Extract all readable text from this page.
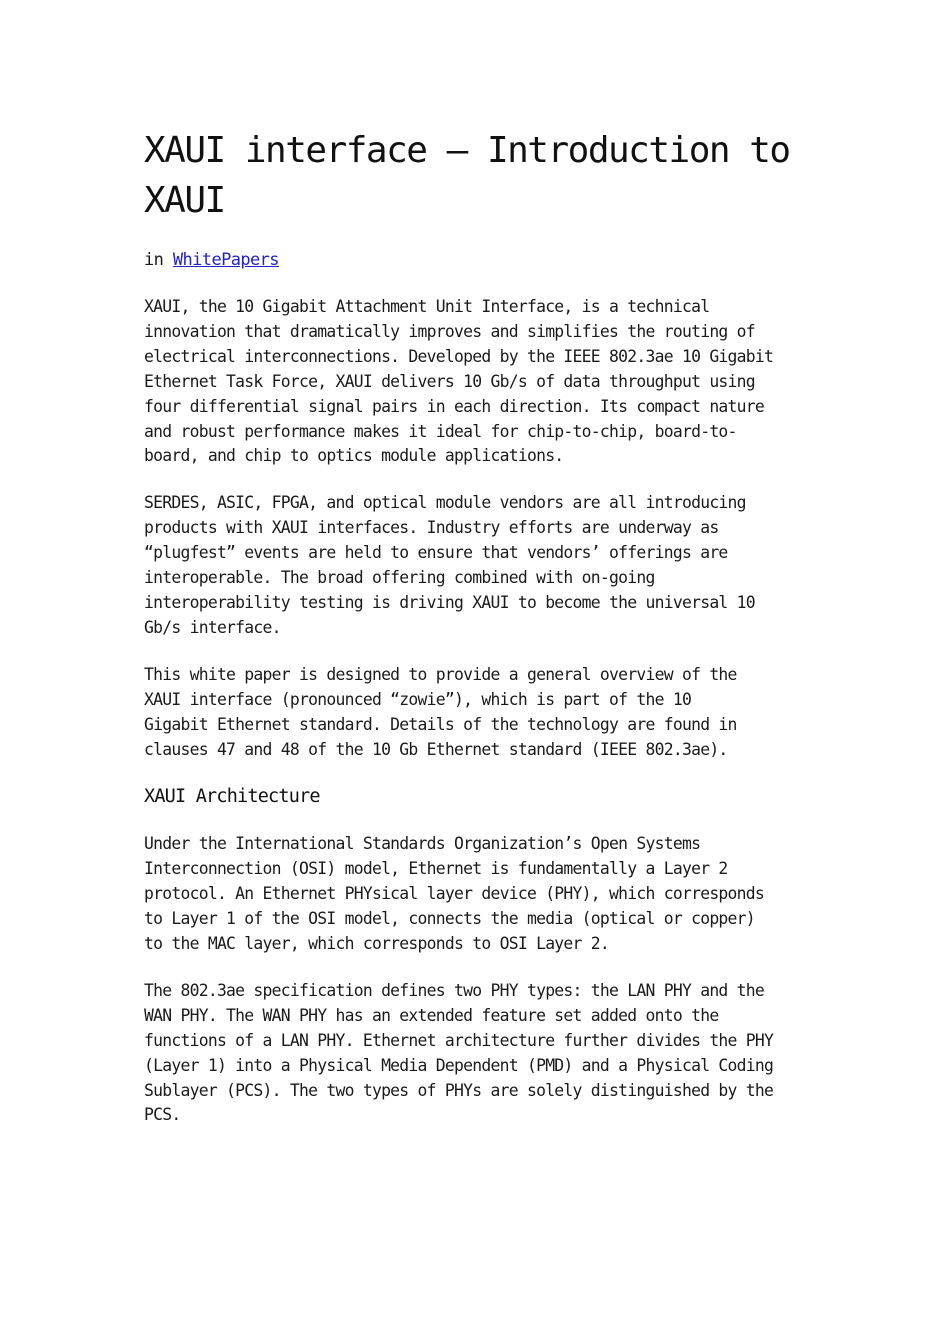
XAUI interface – Introduction to XAUI
in WhitePapers

XAUI, the 10 Gigabit Attachment Unit Interface, is a technical
innovation that dramatically improves and simplifies the routing of
electrical interconnections. Developed by the IEEE 802.3ae 10 Gigabit
Ethernet Task Force, XAUI delivers 10 Gb/s of data throughput using
four differential signal pairs in each direction. Its compact nature
and robust performance makes it ideal for chip-to-chip, board-to-
board, and chip to optics module applications.

SERDES, ASIC, FPGA, and optical module vendors are all introducing
products with XAUI interfaces. Industry efforts are underway as
“plugfest” events are held to ensure that vendors’ offerings are
interoperable. The broad offering combined with on-going
interoperability testing is driving XAUI to become the universal 10
Gb/s interface.

This white paper is designed to provide a general overview of the
XAUI interface (pronounced “zowie”), which is part of the 10
Gigabit Ethernet standard. Details of the technology are found in
clauses 47 and 48 of the 10 Gb Ethernet standard (IEEE 802.3ae).

XAUI Architecture

Under the International Standards Organization’s Open Systems
Interconnection (OSI) model, Ethernet is fundamentally a Layer 2
protocol. An Ethernet PHYsical layer device (PHY), which corresponds
to Layer 1 of the OSI model, connects the media (optical or copper)
to the MAC layer, which corresponds to OSI Layer 2.

The 802.3ae specification defines two PHY types: the LAN PHY and the
WAN PHY. The WAN PHY has an extended feature set added onto the
functions of a LAN PHY. Ethernet architecture further divides the PHY
(Layer 1) into a Physical Media Dependent (PMD) and a Physical Coding
Sublayer (PCS). The two types of PHYs are solely distinguished by the
PCS.
